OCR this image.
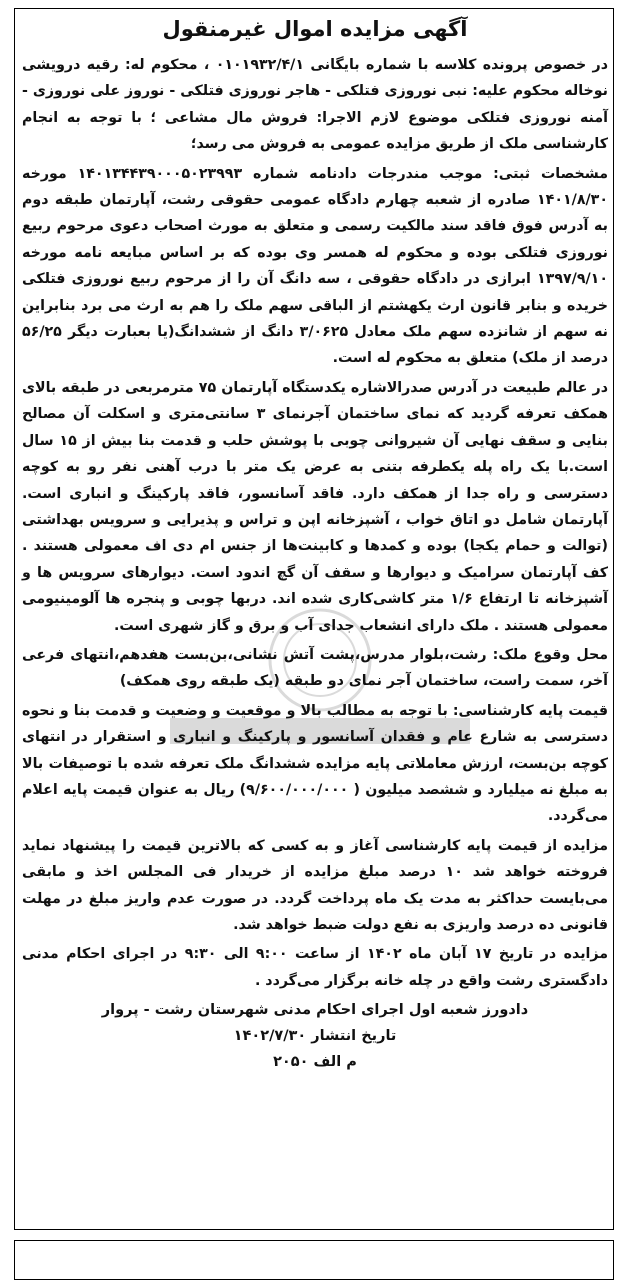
آگهی مزایده اموال غیرمنقول

در خصوص پرونده کلاسه با شماره بایگانی ۰۱۰۱۹۳۲/۴/۱ ، محکوم له: رقیه درویشی نوخاله محکوم علیه: نبی نوروزی فتلکی - هاجر نوروزی فتلکی - نوروز علی نوروزی - آمنه نوروزی فتلکی موضوع لازم الاجرا: فروش مال مشاعی ؛ با توجه به انجام کارشناسی ملک از طریق مزایده عمومی به فروش می رسد؛

مشخصات ثبتی: موجب مندرجات دادنامه شماره ۱۴۰۱۳۴۴۳۹۰۰۰۵۰۲۳۹۹۳ مورخه ۱۴۰۱/۸/۳۰ صادره از شعبه چهارم دادگاه عمومی حقوقی رشت، آپارتمان طبقه دوم به آدرس فوق فاقد سند مالکیت رسمی و متعلق به مورث اصحاب دعوی مرحوم ربیع نوروزی فتلکی بوده و محکوم له همسر وی بوده که بر اساس مبایعه نامه مورخه ۱۳۹۷/۹/۱۰ ابرازی در دادگاه حقوقی ، سه دانگ آن را از مرحوم ربیع نوروزی فتلکی خریده و بنابر قانون ارث یکهشتم از الباقی سهم ملک را هم به ارث می برد بنابراین نه سهم از شانزده سهم ملک معادل ۳/۰۶۲۵ دانگ از ششدانگ(یا بعبارت دیگر ۵۶/۲۵ درصد از ملک) متعلق به محکوم له است.

در عالم طبیعت در آدرس صدرالاشاره یکدستگاه آپارتمان ۷۵ مترمربعی در طبقه بالای همکف تعرفه گردید که نمای ساختمان آجرنمای ۳ سانتی‌متری و اسکلت آن مصالح بنایی و سقف نهایی آن شیروانی چوبی با پوشش حلب و قدمت بنا بیش از ۱۵ سال است.با یک راه پله یکطرفه بتنی به عرض یک متر با درب آهنی نفر رو به کوچه دسترسی و راه جدا از همکف دارد. فاقد آسانسور، فاقد پارکینگ و انباری است. آپارتمان شامل دو اتاق خواب ، آشپزخانه اپن و تراس و پذیرایی و سرویس بهداشتی (توالت و حمام یکجا) بوده و کمدها و کابینت‌ها از جنس ام دی اف معمولی هستند . کف آپارتمان سرامیک و دیوارها و سقف آن گچ اندود است. دیوارهای سرویس ها و آشپزخانه تا ارتفاع ۱/۶ متر کاشی‌کاری شده اند. دربها چوبی و پنجره ها آلومینیومی معمولی هستند . ملک دارای انشعاب جدای آب و برق و گاز شهری است.

محل وقوع ملک: رشت،بلوار مدرس،پشت آتش نشانی،بن‌بست هفدهم،انتهای فرعی آخر، سمت راست، ساختمان آجر نمای دو طبقه (یک طبقه روی همکف)

قیمت پایه کارشناسی: با توجه به مطالب بالا و موقعیت و وضعیت و قدمت بنا و نحوه دسترسی به شارع عام و فقدان آسانسور و پارکینگ و انباری و استقرار در انتهای کوچه بن‌بست، ارزش معاملاتی پایه مزایده ششدانگ ملک تعرفه شده با توصیفات بالا به مبلغ نه میلیارد و ششصد میلیون ( ۹/۶۰۰/۰۰۰/۰۰۰) ریال به عنوان قیمت پایه اعلام می‌گردد.

مزایده از قیمت پایه کارشناسی آغاز و به کسی که بالاترین قیمت را پیشنهاد نماید فروخته خواهد شد ۱۰ درصد مبلغ مزایده از خریدار فی المجلس اخذ و مابقی می‌بایست حداکثر به مدت یک ماه پرداخت گردد. در صورت عدم واریز مبلغ در مهلت قانونی ده درصد واریزی به نفع دولت ضبط خواهد شد.

مزایده در تاریخ ۱۷ آبان ماه ۱۴۰۲ از ساعت ۹:۰۰ الی ۹:۳۰ در اجرای احکام مدنی دادگستری رشت واقع در چله خانه برگزار می‌گردد .

دادورز شعبه اول اجرای احکام مدنی شهرستان رشت - پروار

تاریخ انتشار ۱۴۰۲/۷/۳۰

م الف ۲۰۵۰
